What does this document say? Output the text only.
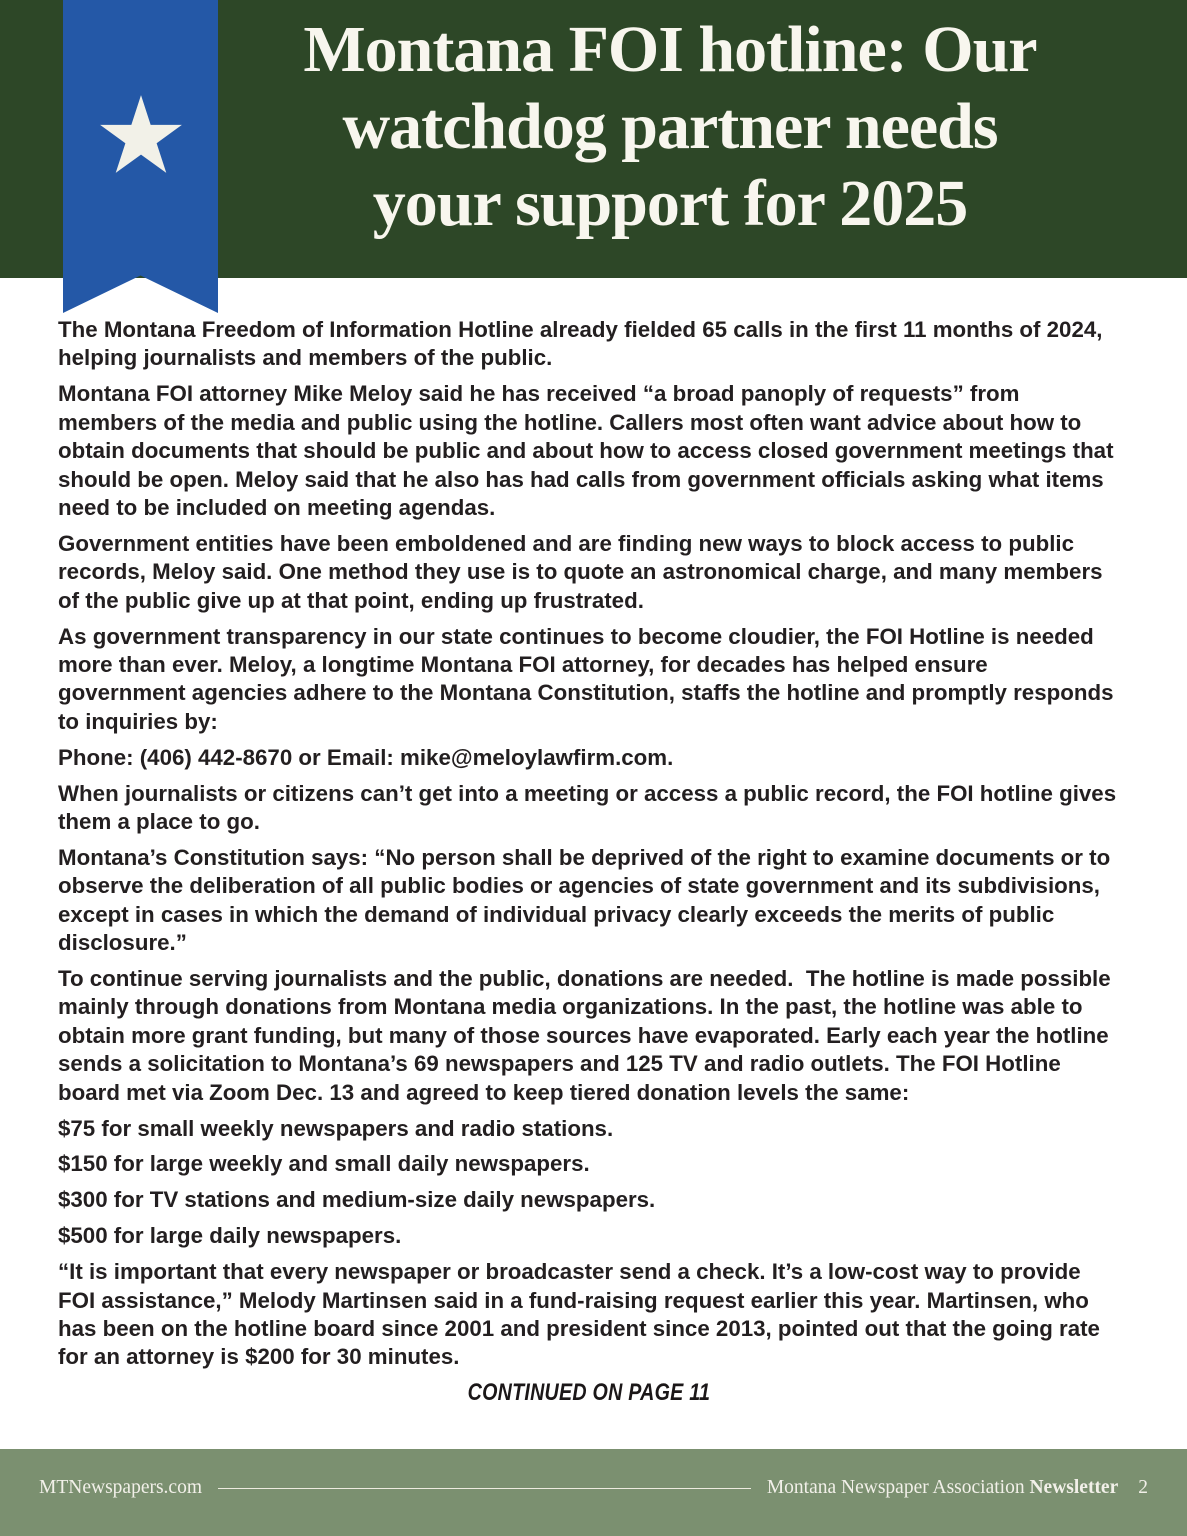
Montana FOI hotline: Our
watchdog partner needs
your support for 2025

The Montana Freedom of Information Hotline already fielded 65 calls in the first 11 months of 2024, helping journalists and members of the public.

Montana FOI attorney Mike Meloy said he has received “a broad panoply of requests” from members of the media and public using the hotline. Callers most often want advice about how to obtain documents that should be public and about how to access closed government meetings that should be open. Meloy said that he also has had calls from government officials asking what items need to be included on meeting agendas.

Government entities have been emboldened and are finding new ways to block access to public records, Meloy said. One method they use is to quote an astronomical charge, and many members of the public give up at that point, ending up frustrated.

As government transparency in our state continues to become cloudier, the FOI Hotline is needed more than ever. Meloy, a longtime Montana FOI attorney, for decades has helped ensure government agencies adhere to the Montana Constitution, staffs the hotline and promptly responds to inquiries by:

Phone: (406) 442-8670 or Email: mike@meloylawfirm.com.

When journalists or citizens can’t get into a meeting or access a public record, the FOI hotline gives them a place to go.

Montana’s Constitution says: “No person shall be deprived of the right to examine documents or to observe the deliberation of all public bodies or agencies of state government and its subdivisions, except in cases in which the demand of individual privacy clearly exceeds the merits of public disclosure.”

To continue serving journalists and the public, donations are needed.  The hotline is made possible mainly through donations from Montana media organizations. In the past, the hotline was able to obtain more grant funding, but many of those sources have evaporated. Early each year the hotline sends a solicitation to Montana’s 69 newspapers and 125 TV and radio outlets. The FOI Hotline board met via Zoom Dec. 13 and agreed to keep tiered donation levels the same:

$75 for small weekly newspapers and radio stations.

$150 for large weekly and small daily newspapers.

$300 for TV stations and medium-size daily newspapers.

$500 for large daily newspapers.

“It is important that every newspaper or broadcaster send a check. It’s a low-cost way to provide FOI assistance,” Melody Martinsen said in a fund-raising request earlier this year. Martinsen, who has been on the hotline board since 2001 and president since 2013, pointed out that the going rate for an attorney is $200 for 30 minutes.

CONTINUED ON PAGE 11
MTNewspapers.com	Montana Newspaper Association Newsletter 2
